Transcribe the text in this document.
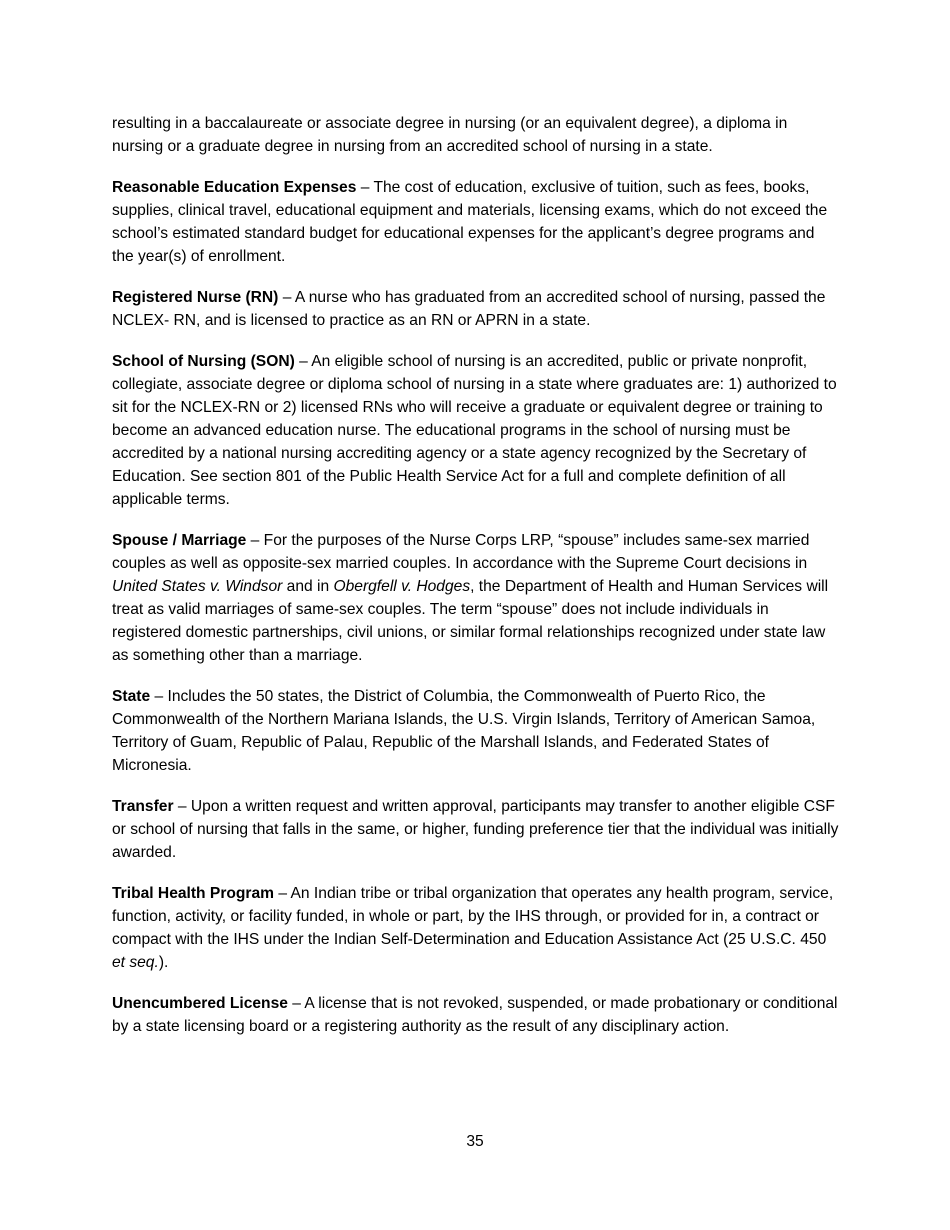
resulting in a baccalaureate or associate degree in nursing (or an equivalent degree), a diploma in nursing or a graduate degree in nursing from an accredited school of nursing in a state.

Reasonable Education Expenses – The cost of education, exclusive of tuition, such as fees, books, supplies, clinical travel, educational equipment and materials, licensing exams, which do not exceed the school’s estimated standard budget for educational expenses for the applicant’s degree programs and the year(s) of enrollment.

Registered Nurse (RN) – A nurse who has graduated from an accredited school of nursing, passed the NCLEX- RN, and is licensed to practice as an RN or APRN in a state.

School of Nursing (SON) – An eligible school of nursing is an accredited, public or private nonprofit, collegiate, associate degree or diploma school of nursing in a state where graduates are: 1) authorized to sit for the NCLEX-RN or 2) licensed RNs who will receive a graduate or equivalent degree or training to become an advanced education nurse. The educational programs in the school of nursing must be accredited by a national nursing accrediting agency or a state agency recognized by the Secretary of Education. See section 801 of the Public Health Service Act for a full and complete definition of all applicable terms.

Spouse / Marriage – For the purposes of the Nurse Corps LRP, “spouse” includes same-sex married couples as well as opposite-sex married couples. In accordance with the Supreme Court decisions in United States v. Windsor and in Obergfell v. Hodges, the Department of Health and Human Services will treat as valid marriages of same-sex couples. The term “spouse” does not include individuals in registered domestic partnerships, civil unions, or similar formal relationships recognized under state law as something other than a marriage.

State – Includes the 50 states, the District of Columbia, the Commonwealth of Puerto Rico, the Commonwealth of the Northern Mariana Islands, the U.S. Virgin Islands, Territory of American Samoa, Territory of Guam, Republic of Palau, Republic of the Marshall Islands, and Federated States of Micronesia.

Transfer – Upon a written request and written approval, participants may transfer to another eligible CSF or school of nursing that falls in the same, or higher, funding preference tier that the individual was initially awarded.

Tribal Health Program – An Indian tribe or tribal organization that operates any health program, service, function, activity, or facility funded, in whole or part, by the IHS through, or provided for in, a contract or compact with the IHS under the Indian Self-Determination and Education Assistance Act (25 U.S.C. 450 et seq.).

Unencumbered License – A license that is not revoked, suspended, or made probationary or conditional by a state licensing board or a registering authority as the result of any disciplinary action.

35
